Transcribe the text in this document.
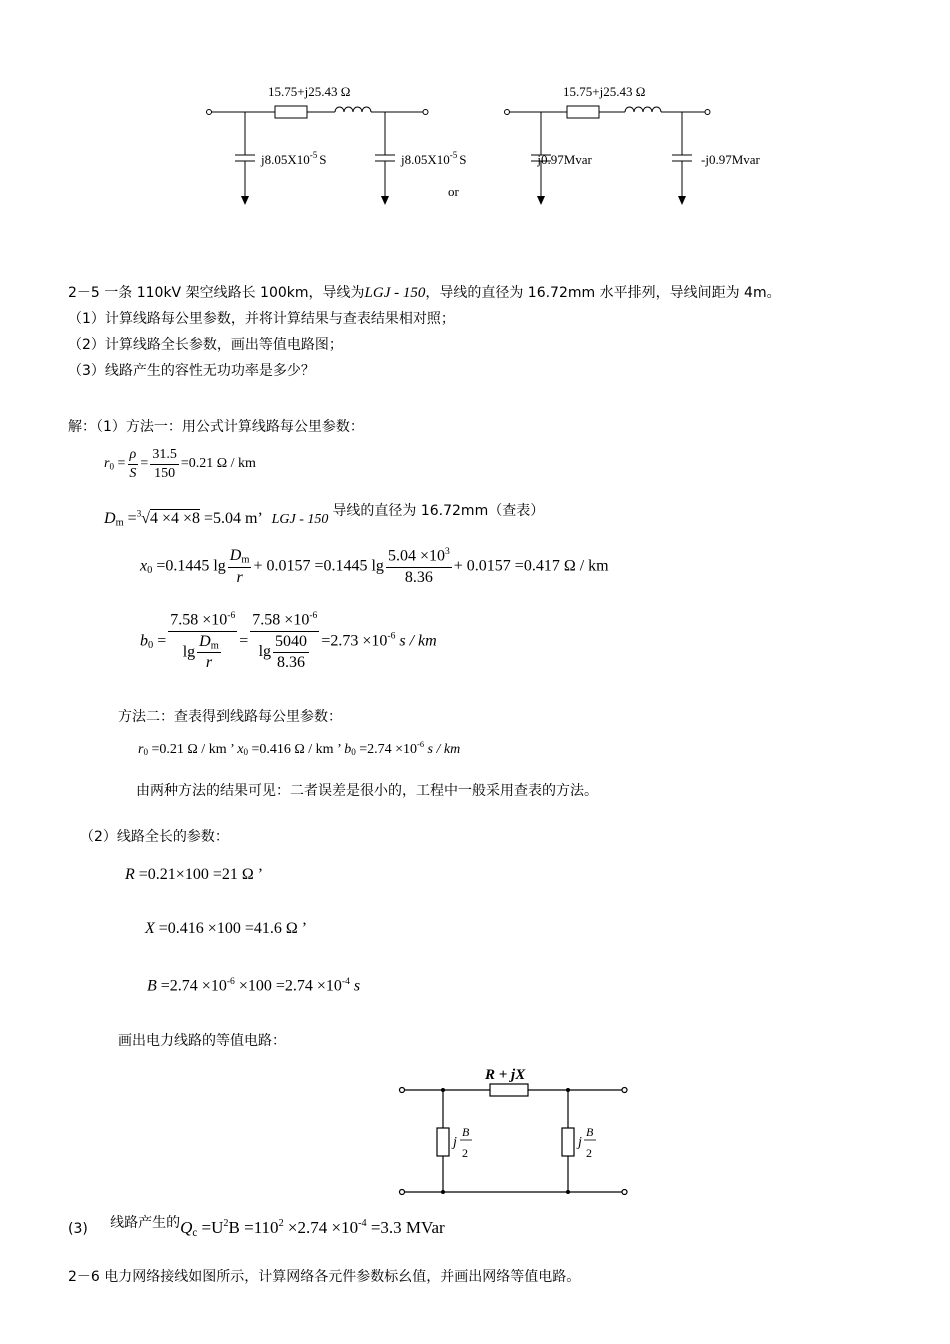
15.75+j25.43 Ω
$j8.05X10^{-5}$ S	$j8.05X10^{-5}$ S
or
15.75+j25.43 Ω
-j0.97Mvar	-j0.97Mvar
2－5 一条 110kV 架空线路长 100km，导线为LGJ - 150，导线的直径为 16.72mm 水平排列，导线间距为 4m。
（1）计算线路每公里参数，并将计算结果与查表结果相对照；
（2）计算线路全长参数，画出等值电路图；
（3）线路产生的容性无功功率是多少？
解：（1）方法一：用公式计算线路每公里参数：
$r_0 = \frac{\rho}{S} = \frac{31.5}{150} =0.21$ Ω / km
$D_m =^3√4 \times 4 \times 8 =5.04$ m’ LGJ - 150 导线的直径为 16.72mm（查表）
$x_0 =0.1445$ $\lg \frac{D_m}{r} + 0.0157 =0.1445$ $\lg \frac{5.04 \times 10^3}{8.36} + 0.0157 =0.417$ Ω / km
$b_0 = \frac{7.58 \times 10^{-6}}{\lg \frac{D_m}{r}} = \frac{7.58 \times 10^{-6}}{\lg \frac{5040}{8.36}} =2.73 \times 10^{-6}$ s / km
方法二：查表得到线路每公里参数：
$r_0 =0.21$ Ω / km ’ $x_0 =0.416$ Ω / km ’ $b_0 =2.74 \times 10^{-6}$ s / km
由两种方法的结果可见：二者误差是很小的，工程中一般采用查表的方法。
（2）线路全长的参数：
R =0.21×100 =21 Ω ’
X =0.416 ×100 =41.6 Ω ’
$B =2.74 \times 10^{-6} \times 100 =2.74 \times 10^{-4}$ s
画出电力线路的等值电路：
R + jX
j
B
2
j
B
2
(3) 线路产生的$Q_c =U^2B =110^2 \times 2.74 \times 10^{-4} =3.3$ MVar
2－6 电力网络接线如图所示，计算网络各元件参数标幺值，并画出网络等值电路。
